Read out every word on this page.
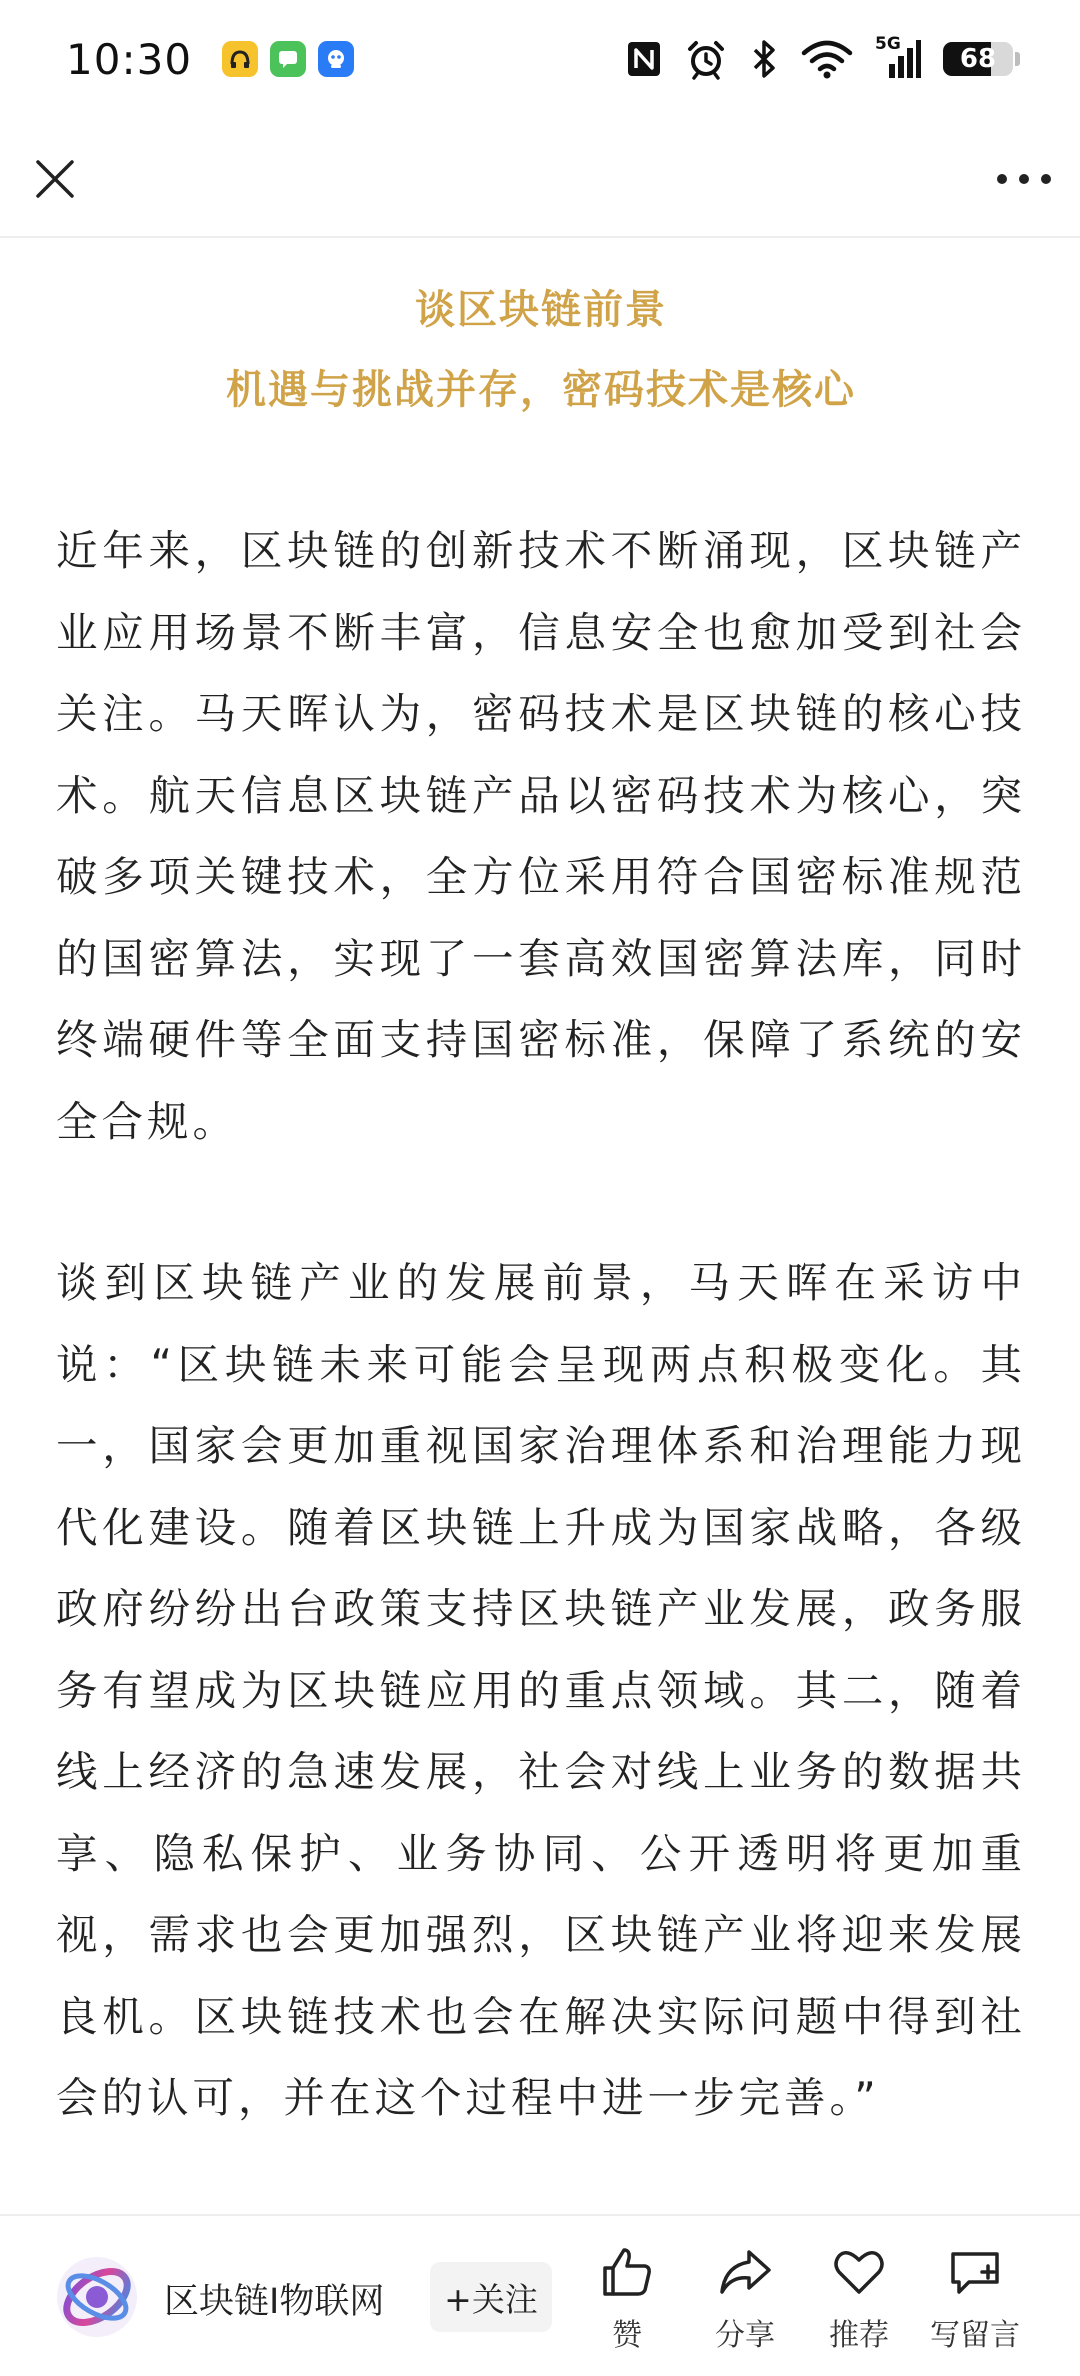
10:30	5G 68
谈区块链前景
机遇与挑战并存，密码技术是核心

近年来，区块链的创新技术不断涌现，区块链产业应用场景不断丰富，信息安全也愈加受到社会关注。马天晖认为，密码技术是区块链的核心技术。航天信息区块链产品以密码技术为核心，突破多项关键技术，全方位采用符合国密标准规范的国密算法，实现了一套高效国密算法库，同时终端硬件等全面支持国密标准，保障了系统的安全合规。

谈到区块链产业的发展前景，马天晖在采访中说：“区块链未来可能会呈现两点积极变化。其一，国家会更加重视国家治理体系和治理能力现代化建设。随着区块链上升成为国家战略，各级政府纷纷出台政策支持区块链产业发展，政务服务有望成为区块链应用的重点领域。其二，随着线上经济的急速发展，社会对线上业务的数据共享、隐私保护、业务协同、公开透明将更加重视，需求也会更加强烈，区块链产业将迎来发展良机。区块链技术也会在解决实际问题中得到社会的认可，并在这个过程中进一步完善。”

区块链I物联网	+关注
赞 分享 推荐 写留言
